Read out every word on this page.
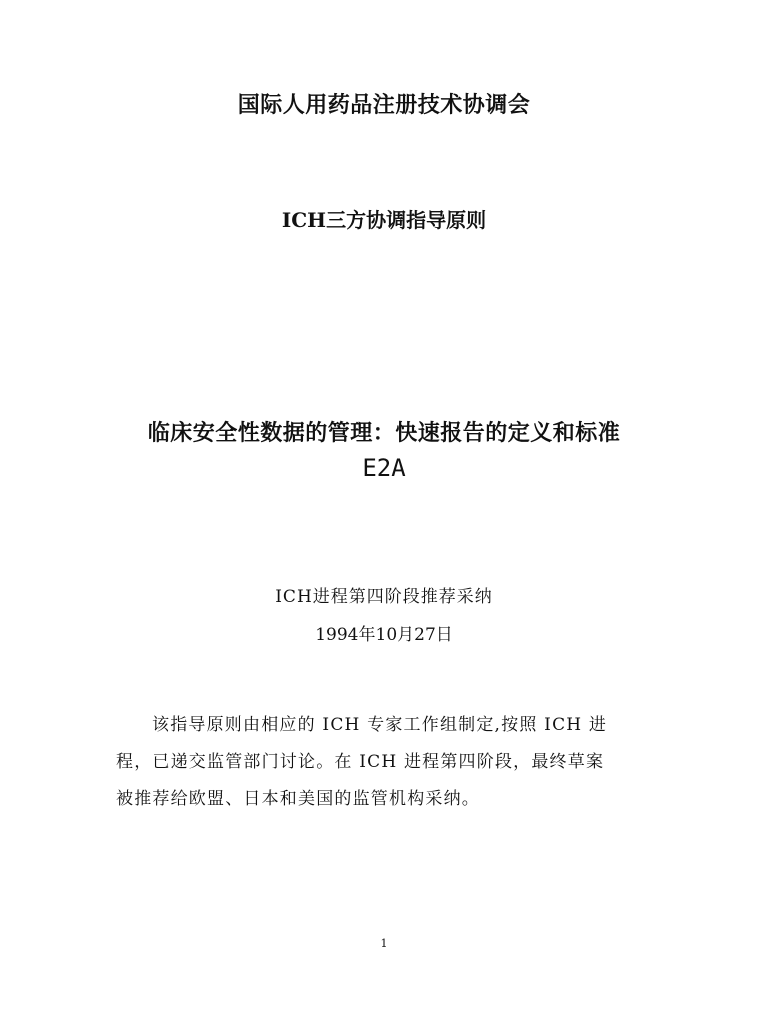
国际人用药品注册技术协调会
ICH三方协调指导原则
临床安全性数据的管理：快速报告的定义和标准
E2A
ICH进程第四阶段推荐采纳
1994年10月27日
该指导原则由相应的 ICH 专家工作组制定,按照 ICH 进
程，已递交监管部门讨论。在 ICH 进程第四阶段，最终草案
被推荐给欧盟、日本和美国的监管机构采纳。
1
